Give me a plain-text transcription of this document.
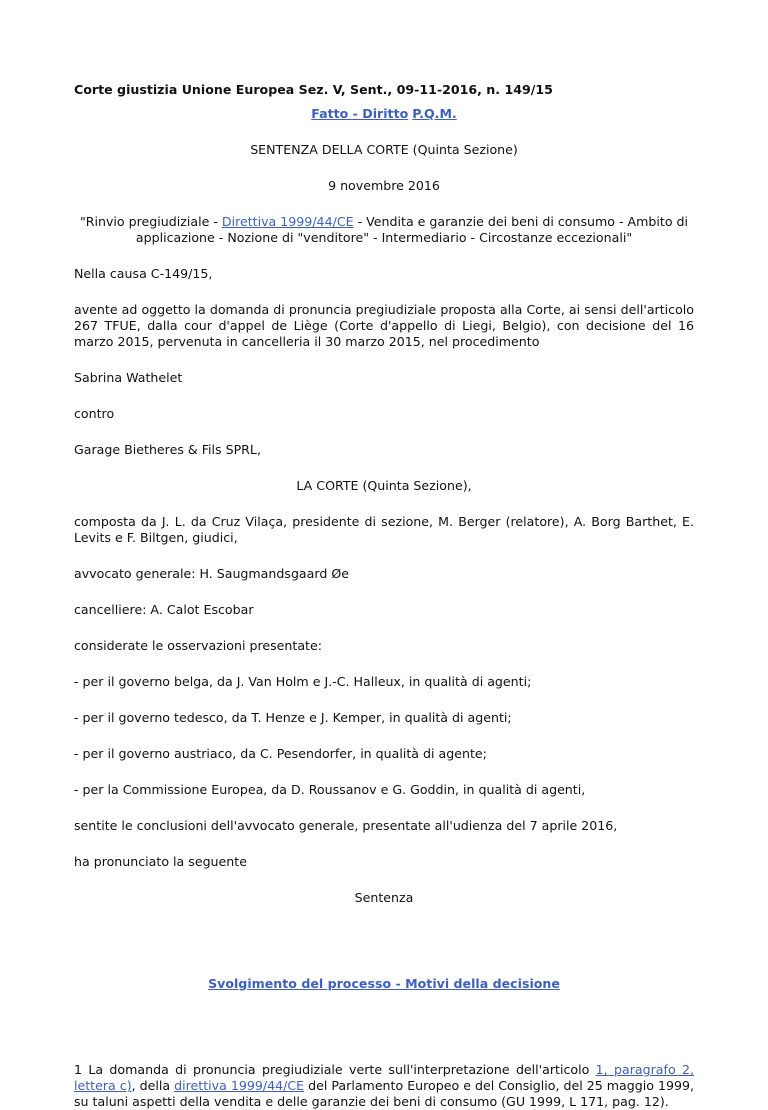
Corte giustizia Unione Europea Sez. V, Sent., 09-11-2016, n. 149/15

Fatto - Diritto P.Q.M.

SENTENZA DELLA CORTE (Quinta Sezione)

9 novembre 2016

"Rinvio pregiudiziale - Direttiva 1999/44/CE - Vendita e garanzie dei beni di consumo - Ambito di applicazione - Nozione di "venditore" - Intermediario - Circostanze eccezionali"

Nella causa C-149/15,

avente ad oggetto la domanda di pronuncia pregiudiziale proposta alla Corte, ai sensi dell'articolo 267 TFUE, dalla cour d'appel de Liège (Corte d'appello di Liegi, Belgio), con decisione del 16 marzo 2015, pervenuta in cancelleria il 30 marzo 2015, nel procedimento

Sabrina Wathelet

contro

Garage Bietheres & Fils SPRL,

LA CORTE (Quinta Sezione),

composta da J. L. da Cruz Vilaça, presidente di sezione, M. Berger (relatore), A. Borg Barthet, E. Levits e F. Biltgen, giudici,

avvocato generale: H. Saugmandsgaard Øe

cancelliere: A. Calot Escobar

considerate le osservazioni presentate:

- per il governo belga, da J. Van Holm e J.-C. Halleux, in qualità di agenti;

- per il governo tedesco, da T. Henze e J. Kemper, in qualità di agenti;

- per il governo austriaco, da C. Pesendorfer, in qualità di agente;

- per la Commissione Europea, da D. Roussanov e G. Goddin, in qualità di agenti,

sentite le conclusioni dell'avvocato generale, presentate all'udienza del 7 aprile 2016,

ha pronunciato la seguente

Sentenza

Svolgimento del processo - Motivi della decisione

1 La domanda di pronuncia pregiudiziale verte sull'interpretazione dell'articolo 1, paragrafo 2, lettera c), della direttiva 1999/44/CE del Parlamento Europeo e del Consiglio, del 25 maggio 1999, su taluni aspetti della vendita e delle garanzie dei beni di consumo (GU 1999, L 171, pag. 12).
